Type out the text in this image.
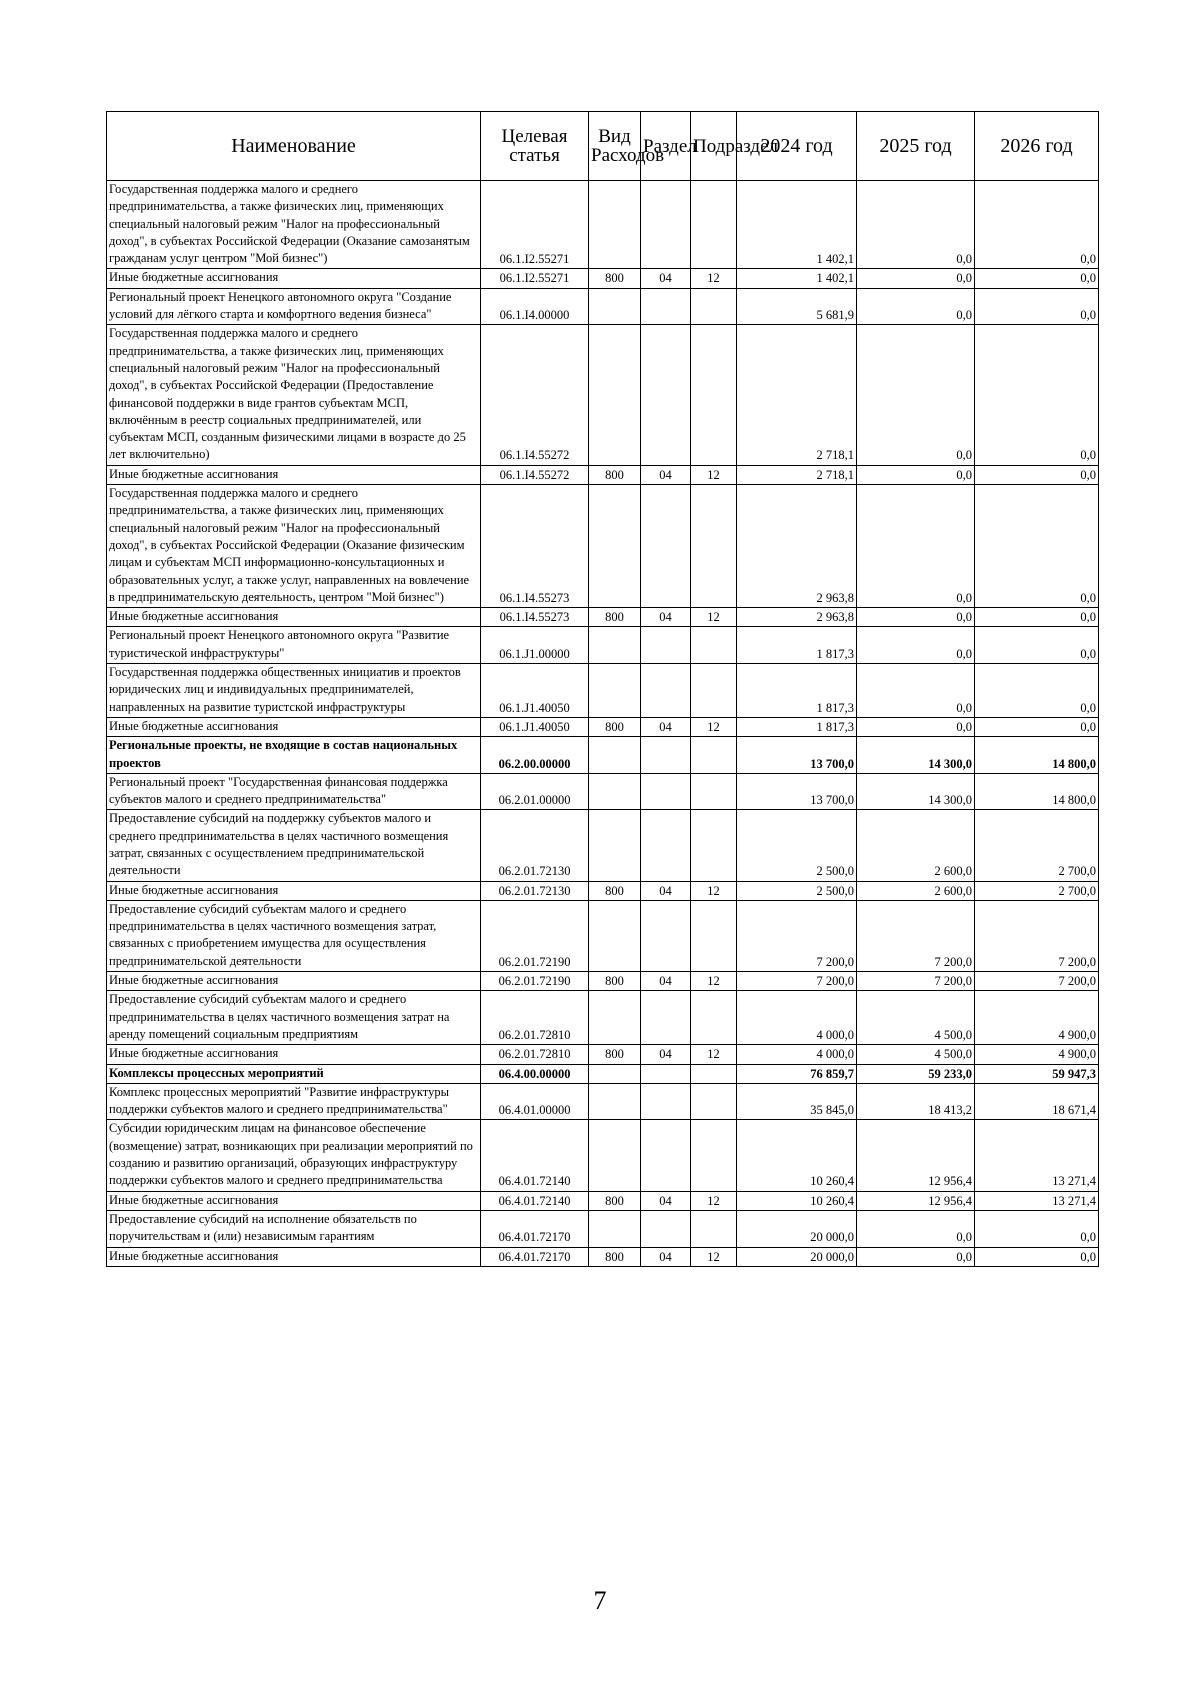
Наименование	Целевая статья	Вид Расходов	Раздел	Подраздел	2024 год	2025 год	2026 год
Государственная поддержка малого и среднего предпринимательства, а также физических лиц, применяющих специальный налоговый режим "Налог на профессиональный доход", в субъектах Российской Федерации (Оказание самозанятым гражданам услуг центром "Мой бизнес")	06.1.I2.55271				1 402,1	0,0	0,0
Иные бюджетные ассигнования	06.1.I2.55271	800	04	12	1 402,1	0,0	0,0
Региональный проект Ненецкого автономного округа "Создание условий для лёгкого старта и комфортного ведения бизнеса"	06.1.I4.00000				5 681,9	0,0	0,0
Государственная поддержка малого и среднего предпринимательства, а также физических лиц, применяющих специальный налоговый режим "Налог на профессиональный доход", в субъектах Российской Федерации (Предоставление финансовой поддержки в виде грантов субъектам МСП, включённым в реестр социальных предпринимателей, или субъектам МСП, созданным физическими лицами в возрасте до 25 лет включительно)	06.1.I4.55272				2 718,1	0,0	0,0
Иные бюджетные ассигнования	06.1.I4.55272	800	04	12	2 718,1	0,0	0,0
Государственная поддержка малого и среднего предпринимательства, а также физических лиц, применяющих специальный налоговый режим "Налог на профессиональный доход", в субъектах Российской Федерации (Оказание физическим лицам и субъектам МСП информационно-консультационных и образовательных услуг, а также услуг, направленных на вовлечение в предпринимательскую деятельность, центром "Мой бизнес")	06.1.I4.55273				2 963,8	0,0	0,0
Иные бюджетные ассигнования	06.1.I4.55273	800	04	12	2 963,8	0,0	0,0
Региональный проект Ненецкого автономного округа "Развитие туристической инфраструктуры"	06.1.J1.00000				1 817,3	0,0	0,0
Государственная поддержка общественных инициатив и проектов юридических лиц и индивидуальных предпринимателей, направленных на развитие туристской инфраструктуры	06.1.J1.40050				1 817,3	0,0	0,0
Иные бюджетные ассигнования	06.1.J1.40050	800	04	12	1 817,3	0,0	0,0
Региональные проекты, не входящие в состав национальных проектов	06.2.00.00000				13 700,0	14 300,0	14 800,0
Региональный проект "Государственная финансовая поддержка субъектов малого и среднего предпринимательства"	06.2.01.00000				13 700,0	14 300,0	14 800,0
Предоставление субсидий на поддержку субъектов малого и среднего предпринимательства в целях частичного возмещения затрат, связанных с осуществлением предпринимательской деятельности	06.2.01.72130				2 500,0	2 600,0	2 700,0
Иные бюджетные ассигнования	06.2.01.72130	800	04	12	2 500,0	2 600,0	2 700,0
Предоставление субсидий субъектам малого и среднего предпринимательства в целях частичного возмещения затрат, связанных с приобретением имущества для осуществления предпринимательской деятельности	06.2.01.72190				7 200,0	7 200,0	7 200,0
Иные бюджетные ассигнования	06.2.01.72190	800	04	12	7 200,0	7 200,0	7 200,0
Предоставление субсидий субъектам малого и среднего предпринимательства в целях частичного возмещения затрат на аренду помещений социальным предприятиям	06.2.01.72810				4 000,0	4 500,0	4 900,0
Иные бюджетные ассигнования	06.2.01.72810	800	04	12	4 000,0	4 500,0	4 900,0
Комплексы процессных мероприятий	06.4.00.00000				76 859,7	59 233,0	59 947,3
Комплекс процессных мероприятий "Развитие инфраструктуры поддержки субъектов малого и среднего предпринимательства"	06.4.01.00000				35 845,0	18 413,2	18 671,4
Субсидии юридическим лицам на финансовое обеспечение (возмещение) затрат, возникающих при реализации мероприятий по созданию и развитию организаций, образующих инфраструктуру поддержки субъектов малого и среднего предпринимательства	06.4.01.72140				10 260,4	12 956,4	13 271,4
Иные бюджетные ассигнования	06.4.01.72140	800	04	12	10 260,4	12 956,4	13 271,4
Предоставление субсидий на исполнение обязательств по поручительствам и (или) независимым гарантиям	06.4.01.72170				20 000,0	0,0	0,0
Иные бюджетные ассигнования	06.4.01.72170	800	04	12	20 000,0	0,0	0,0
7
